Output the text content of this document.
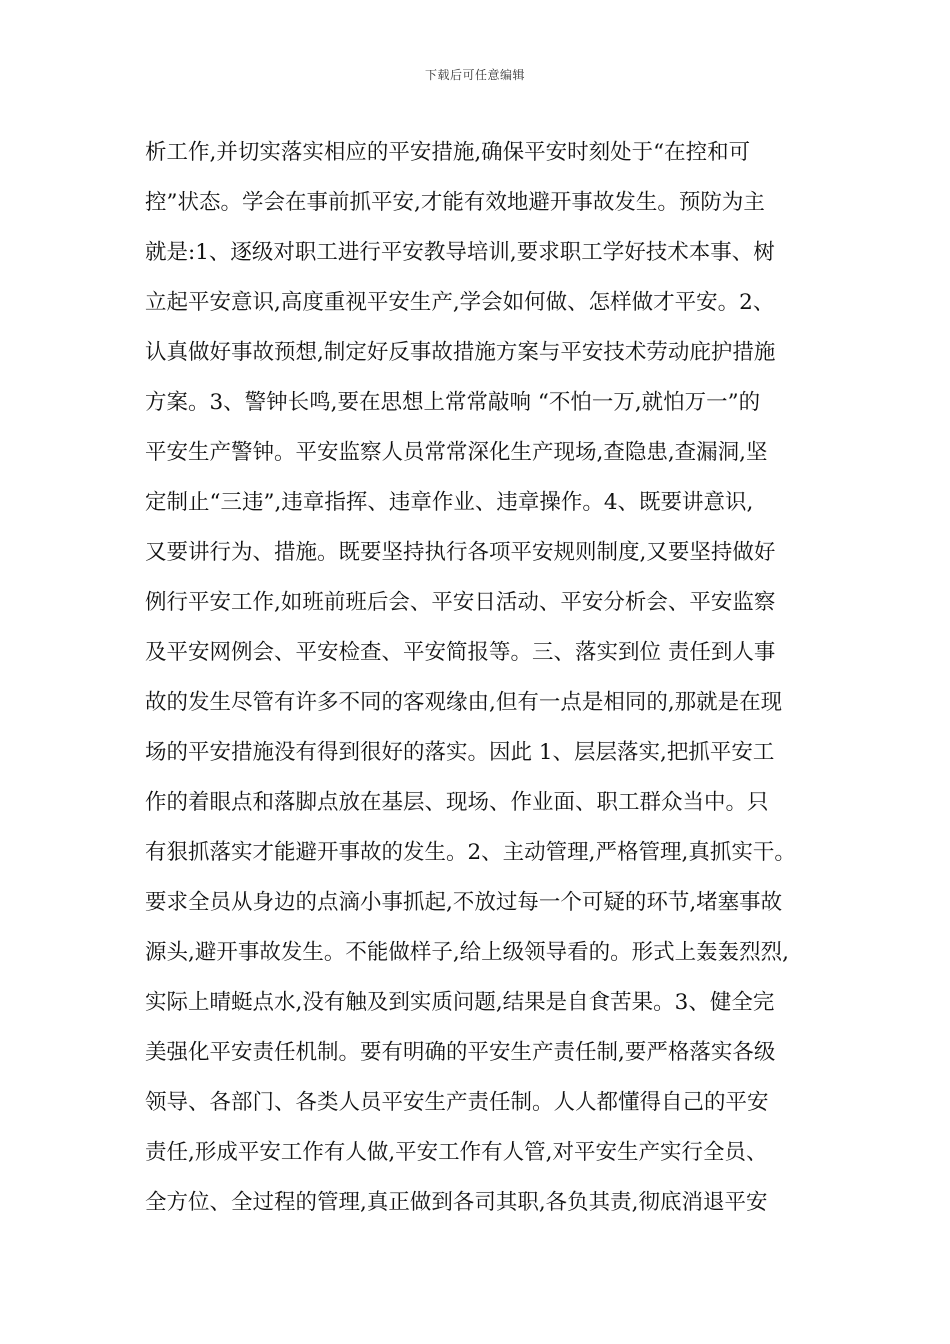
下载后可任意编辑
析工作,并切实落实相应的平安措施,确保平安时刻处于“在控和可
控”状态。学会在事前抓平安,才能有效地避开事故发生。预防为主
就是:1、逐级对职工进行平安教导培训,要求职工学好技术本事、树
立起平安意识,高度重视平安生产,学会如何做、怎样做才平安。2、
认真做好事故预想,制定好反事故措施方案与平安技术劳动庇护措施
方案。3、警钟长鸣,要在思想上常常敲响 “不怕一万,就怕万一”的
平安生产警钟。平安监察人员常常深化生产现场,查隐患,查漏洞,坚
定制止“三违”,违章指挥、违章作业、违章操作。4、既要讲意识,
又要讲行为、措施。既要坚持执行各项平安规则制度,又要坚持做好
例行平安工作,如班前班后会、平安日活动、平安分析会、平安监察
及平安网例会、平安检查、平安简报等。三、落实到位 责任到人事
故的发生尽管有许多不同的客观缘由,但有一点是相同的,那就是在现
场的平安措施没有得到很好的落实。因此 1、层层落实,把抓平安工
作的着眼点和落脚点放在基层、现场、作业面、职工群众当中。只
有狠抓落实才能避开事故的发生。2、主动管理,严格管理,真抓实干。
要求全员从身边的点滴小事抓起,不放过每一个可疑的环节,堵塞事故
源头,避开事故发生。不能做样子,给上级领导看的。形式上轰轰烈烈,
实际上晴蜓点水,没有触及到实质问题,结果是自食苦果。3、健全完
美强化平安责任机制。要有明确的平安生产责任制,要严格落实各级
领导、各部门、各类人员平安生产责任制。人人都懂得自己的平安
责任,形成平安工作有人做,平安工作有人管,对平安生产实行全员、
全方位、全过程的管理,真正做到各司其职,各负其责,彻底消退平安
